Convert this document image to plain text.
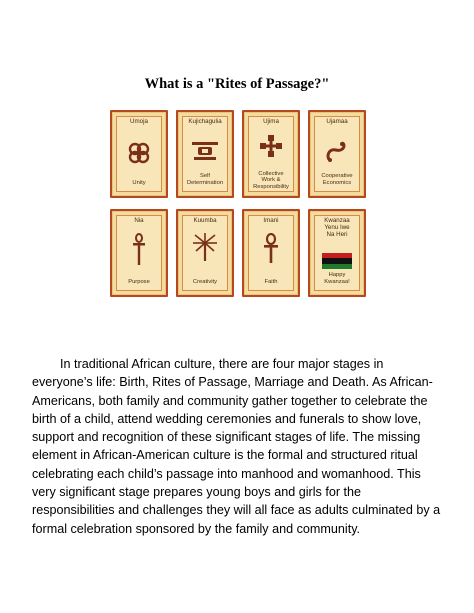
What is a "Rites of Passage?"
Umoja
Unity
Kujichagulia
Self
Determination
Ujima
Collective
Work &
Responsibility
Ujamaa
Cooperative
Economics
Nia
Purpose
Kuumba
Creativity
Imani
Faith
Kwanzaa
Yenu Iwe
Na Heri
Happy
Kwanzaa!

In traditional African culture, there are four major stages in everyone’s life: Birth, Rites of Passage, Marriage and Death. As African-Americans, both family and community gather together to celebrate the birth of a child, attend wedding ceremonies and funerals to show love, support and recognition of these significant stages of life. The missing element in African-American culture is the formal and structured ritual celebrating each child’s passage into manhood and womanhood. This very significant stage prepares young boys and girls for the responsibilities and challenges they will all face as adults culminated by a formal celebration sponsored by the family and community.
